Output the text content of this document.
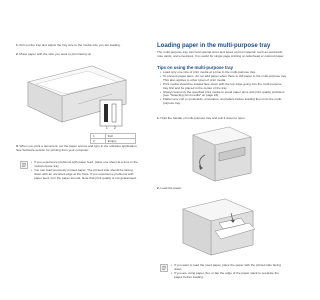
1. Pull out the tray and adjust the tray size to the media size you are loading.
2. Place paper with the side you want to print facing up.
1 2
1	Full
2	Empty
3. When you print a document, set the paper source and type in the software application. See Software section for printing from your computer.
• If you experience problems with paper feed, place one sheet at a time in the multi-purpose tray.
• You can load previously printed paper. The printed side should be facing down with an uncurled edge at the front. If you experience problems with paper feed, turn the paper around. Note that print quality is not guaranteed.
Loading paper in the multi-purpose tray
The multi-purpose tray can hold special sizes and types of print material, such as postcards, note cards, and envelopes. It is useful for single page printing on letterhead or colored paper.
Tips on using the multi-purpose tray
• Load only one size of print media at a time in the multi-purpose tray.
• To prevent paper jams, do not add paper when there is still paper in the multi-purpose tray. This also applies to other types of print media.
• Print media should be loaded face down with the top edge going into the multi-purpose tray first and be placed in the center of the tray.
• Always load only the specified print media to avoid paper jams and print quality problems (see "Selecting print media" on page 24).
• Flatten any curl on postcards, envelopes, and labels before loading them into the multi-purpose tray.
1. Hold the handle of multi-purpose tray and pull it down to open.
2. Load the paper.
• If you want to load the used paper, place the paper with the printed side facing down.
• If you are using paper, flex or fan the edge of the paper stack to separate the pages before loading.
